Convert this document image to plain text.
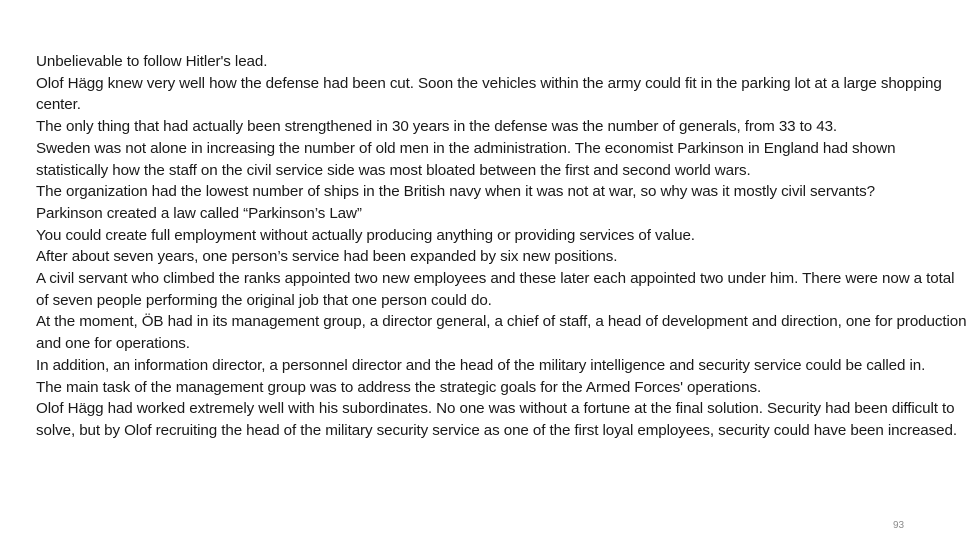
Unbelievable to follow Hitler's lead.

Olof Hägg knew very well how the defense had been cut. Soon the vehicles within the army could fit in the parking lot at a large shopping center.

The only thing that had actually been strengthened in 30 years in the defense was the number of generals, from 33 to 43.

Sweden was not alone in increasing the number of old men in the administration. The economist Parkinson in England had shown statistically how the staff on the civil service side was most bloated between the first and second world wars.

The organization had the lowest number of ships in the British navy when it was not at war, so why was it mostly civil servants?

Parkinson created a law called “Parkinson’s Law”

You could create full employment without actually producing anything or providing services of value.

After about seven years, one person’s service had been expanded by six new positions.

A civil servant who climbed the ranks appointed two new employees and these later each appointed two under him. There were now a total of seven people performing the original job that one person could do.

At the moment, ÖB had in its management group, a director general, a chief of staff, a head of development and direction, one for production and one for operations.

In addition, an information director, a personnel director and the head of the military intelligence and security service could be called in.

The main task of the management group was to address the strategic goals for the Armed Forces' operations.

Olof Hägg had worked extremely well with his subordinates. No one was without a fortune at the final solution. Security had been difficult to solve, but by Olof recruiting the head of the military security service as one of the first loyal employees, security could have been increased.

93
